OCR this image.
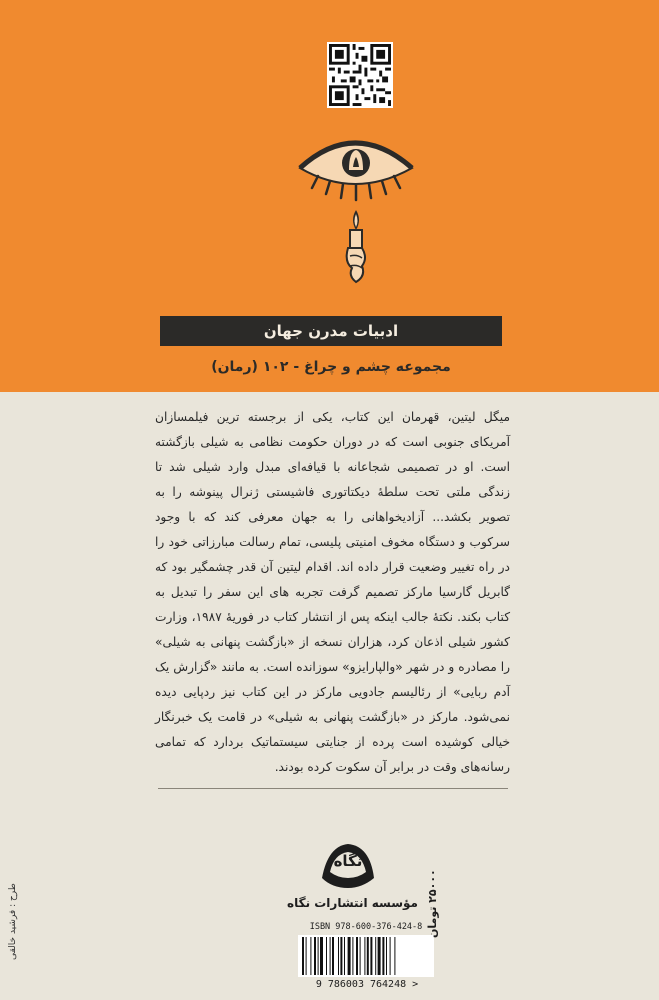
ادبیات مدرن جهان
مجموعه چشم و چراغ - ۱۰۲ (رمان)
میگل لیتین، قهرمان این کتاب، یکی از برجسته ترین فیلمسازان آمریکای جنوبی است که در دوران حکومت نظامی به شیلی بازگشته است. او در تصمیمی شجاعانه با قیافه‌ای مبدل وارد شیلی شد تا زندگی ملتی تحت سلطهٔ دیکتاتوری فاشیستی ژنرال پینوشه را به تصویر بکشد... آزادیخواهانی را به جهان معرفی کند که با وجود سرکوب و دستگاه مخوف امنیتی پلیسی، تمام رسالت مبارزاتی خود را در راه تغییر وضعیت قرار داده اند. اقدام لیتین آن قدر چشمگیر بود که گابریل گارسیا مارکز تصمیم گرفت تجربه های این سفر را تبدیل به کتاب بکند. نکتهٔ جالب اینکه پس از انتشار کتاب در فوریهٔ ۱۹۸۷، وزارت کشور شیلی اذعان کرد، هزاران نسخه از «بازگشت پنهانی به شیلی» را مصادره و در شهر «والپارایزو» سوزانده است. به مانند «گزارش یک آدم ربایی» از رئالیسم جادویی مارکز در این کتاب نیز ردپایی دیده نمی‌شود. مارکز در «بازگشت پنهانی به شیلی» در قامت یک خبرنگار خیالی کوشیده است پرده از جنایتی سیستماتیک بردارد که تمامی رسانه‌های وقت در برابر آن سکوت کرده بودند.
نگاه
مؤسسه انتشارات نگاه
ISBN 978-600-376-424-8
9 786003 764248 >
۲۵۰۰۰ تومان
طرح : فرشید خالقی
